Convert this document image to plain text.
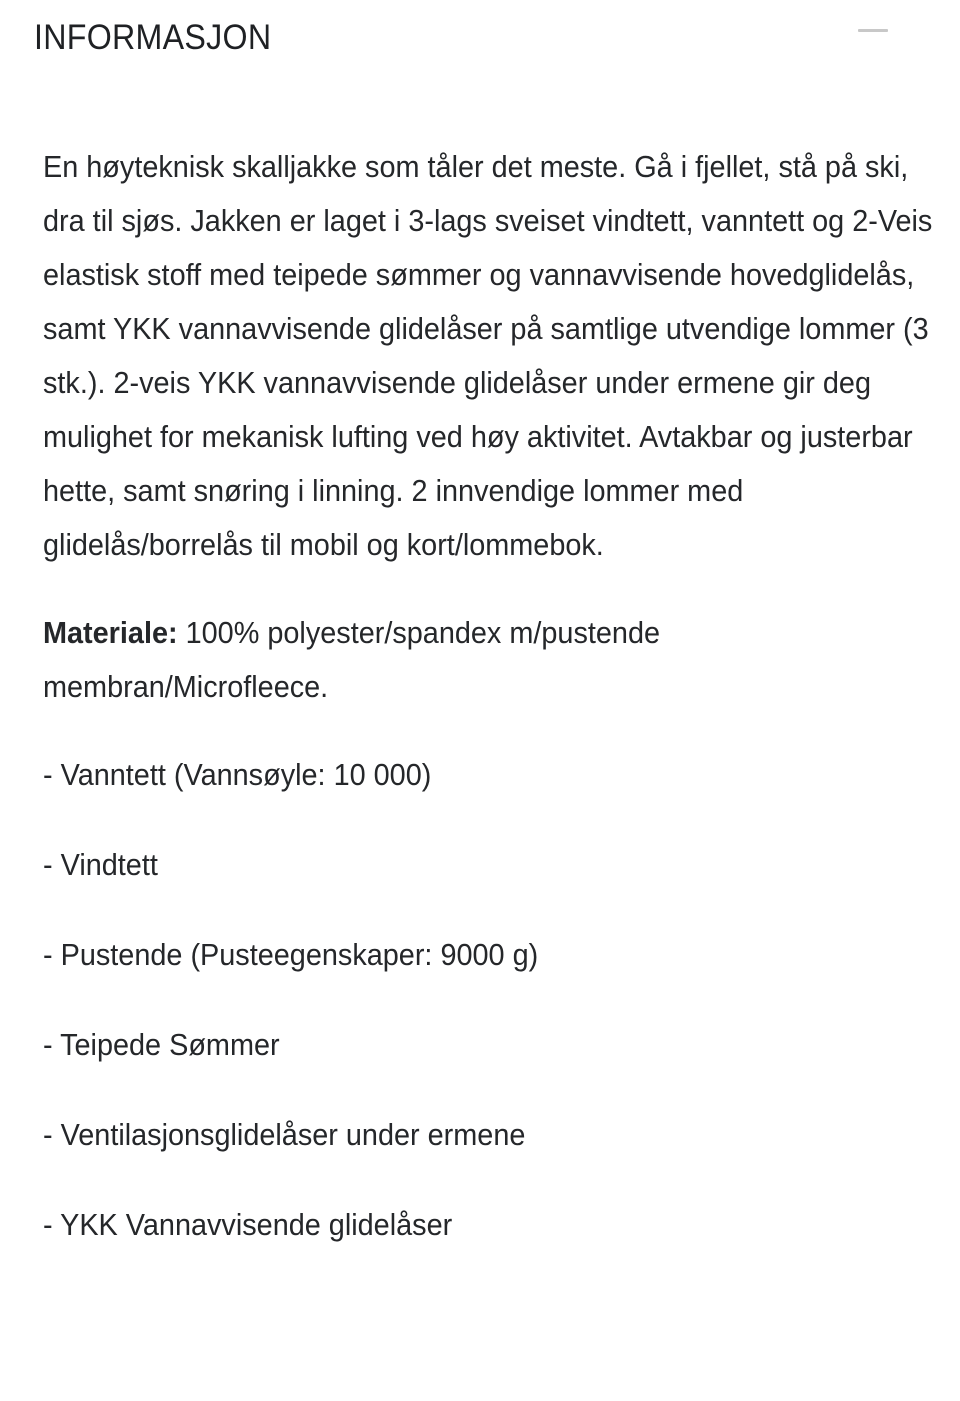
INFORMASJON

En høyteknisk skalljakke som tåler det meste. Gå i fjellet, stå på ski, dra til sjøs. Jakken er laget i 3-lags sveiset vindtett, vanntett og 2-Veis elastisk stoff med teipede sømmer og vannavvisende hovedglidelås, samt YKK vannavvisende glidelåser på samtlige utvendige lommer (3 stk.). 2-veis YKK vannavvisende glidelåser under ermene gir deg mulighet for mekanisk lufting ved høy aktivitet. Avtakbar og justerbar hette, samt snøring i linning. 2 innvendige lommer med glidelås/borrelås til mobil og kort/lommebok.

Materiale: 100% polyester/spandex m/pustende membran/Microfleece.

- Vanntett (Vannsøyle: 10 000)
- Vindtett
- Pustende (Pusteegenskaper: 9000 g)
- Teipede Sømmer
- Ventilasjonsglidelåser under ermene
- YKK Vannavvisende glidelåser
